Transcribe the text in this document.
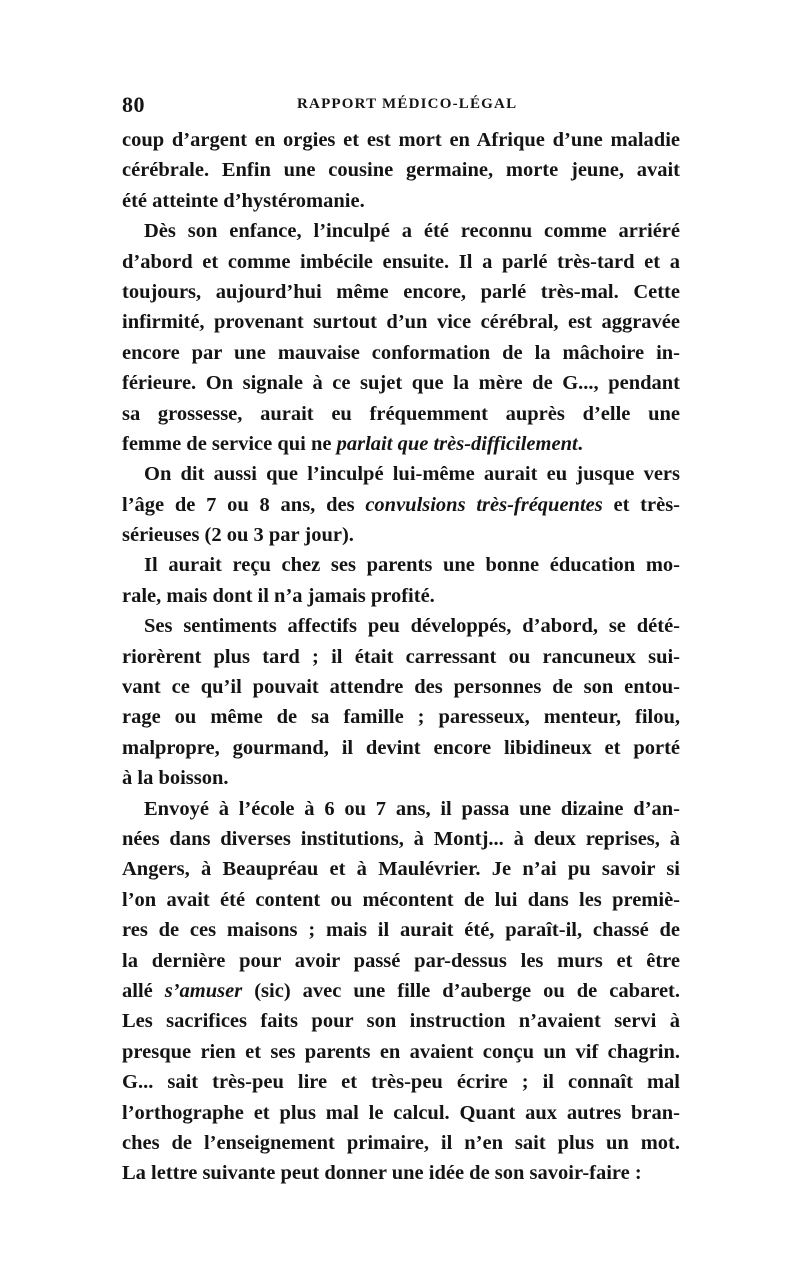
80	RAPPORT MÉDICO-LÉGAL
coup d’argent en orgies et est mort en Afrique d’une maladie
cérébrale. Enfin une cousine germaine, morte jeune, avait
été atteinte d’hystéromanie.
Dès son enfance, l’inculpé a été reconnu comme arriéré
d’abord et comme imbécile ensuite. Il a parlé très-tard et a
toujours, aujourd’hui même encore, parlé très-mal. Cette
infirmité, provenant surtout d’un vice cérébral, est aggravée
encore par une mauvaise conformation de la mâchoire in-
férieure. On signale à ce sujet que la mère de G..., pendant
sa grossesse, aurait eu fréquemment auprès d’elle une
femme de service qui ne parlait que très-difficilement.
On dit aussi que l’inculpé lui-même aurait eu jusque vers
l’âge de 7 ou 8 ans, des convulsions très-fréquentes et très-
sérieuses (2 ou 3 par jour).
Il aurait reçu chez ses parents une bonne éducation mo-
rale, mais dont il n’a jamais profité.
Ses sentiments affectifs peu développés, d’abord, se dété-
riorèrent plus tard ; il était carressant ou rancuneux sui-
vant ce qu’il pouvait attendre des personnes de son entou-
rage ou même de sa famille ; paresseux, menteur, filou,
malpropre, gourmand, il devint encore libidineux et porté
à la boisson.
Envoyé à l’école à 6 ou 7 ans, il passa une dizaine d’an-
nées dans diverses institutions, à Montj... à deux reprises, à
Angers, à Beaupréau et à Maulévrier. Je n’ai pu savoir si
l’on avait été content ou mécontent de lui dans les premiè-
res de ces maisons ; mais il aurait été, paraît-il, chassé de
la dernière pour avoir passé par-dessus les murs et être
allé s’amuser (sic) avec une fille d’auberge ou de cabaret.
Les sacrifices faits pour son instruction n’avaient servi à
presque rien et ses parents en avaient conçu un vif chagrin.
G... sait très-peu lire et très-peu écrire ; il connaît mal
l’orthographe et plus mal le calcul. Quant aux autres bran-
ches de l’enseignement primaire, il n’en sait plus un mot.
La lettre suivante peut donner une idée de son savoir-faire :
